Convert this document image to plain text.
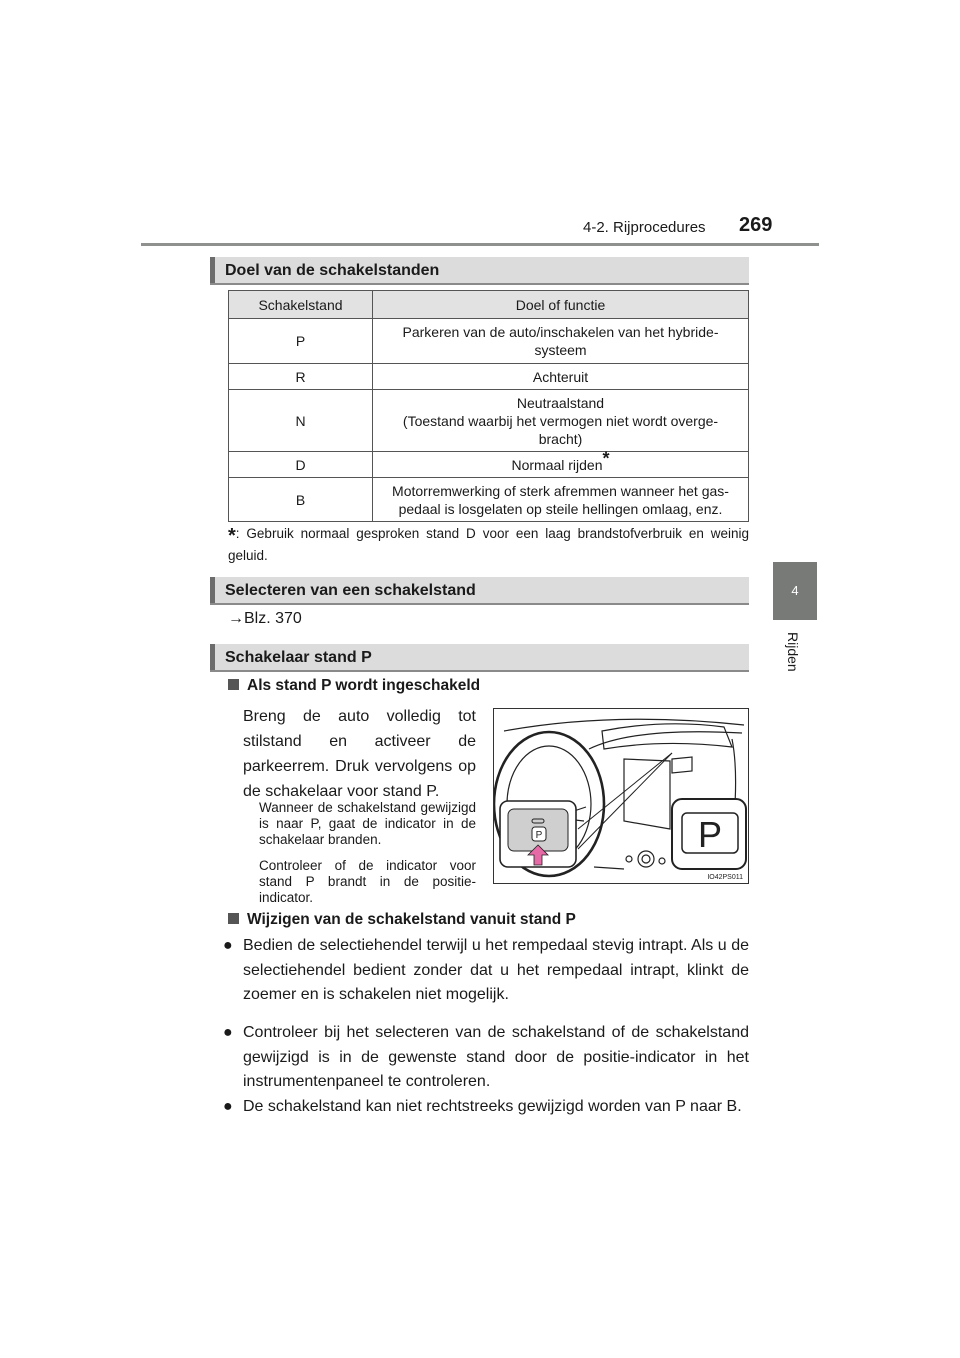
4-2. Rijprocedures 269
4
Rijden
Doel van de schakelstanden
Schakelstand	Doel of functie
P	Parkeren van de auto/inschakelen van het hybride-
systeem
R	Achteruit
N	Neutraalstand
(Toestand waarbij het vermogen niet wordt overge-
bracht)
D	Normaal rijden*
B	Motorremwerking of sterk afremmen wanneer het gas-
pedaal is losgelaten op steile hellingen omlaag, enz.
*: Gebruik normaal gesproken stand D voor een laag brandstofverbruik en weinig geluid.
Selecteren van een schakelstand
→Blz. 370
Schakelaar stand P
Als stand P wordt ingeschakeld
Breng de auto volledig tot stilstand en activeer de parkeerrem. Druk vervolgens op de schakelaar voor stand P.
Wanneer de schakelstand gewijzigd is naar P, gaat de indicator in de schakelaar branden.
Controleer of de indicator voor stand P brandt in de positie-indicator.
P	P
IO42PS011
Wijzigen van de schakelstand vanuit stand P
● Bedien de selectiehendel terwijl u het rempedaal stevig intrapt. Als u de selectiehendel bedient zonder dat u het rempedaal intrapt, klinkt de zoemer en is schakelen niet mogelijk.
● Controleer bij het selecteren van de schakelstand of de schakelstand gewijzigd is in de gewenste stand door de positie-indicator in het instrumentenpaneel te controleren.
● De schakelstand kan niet rechtstreeks gewijzigd worden van P naar B.
